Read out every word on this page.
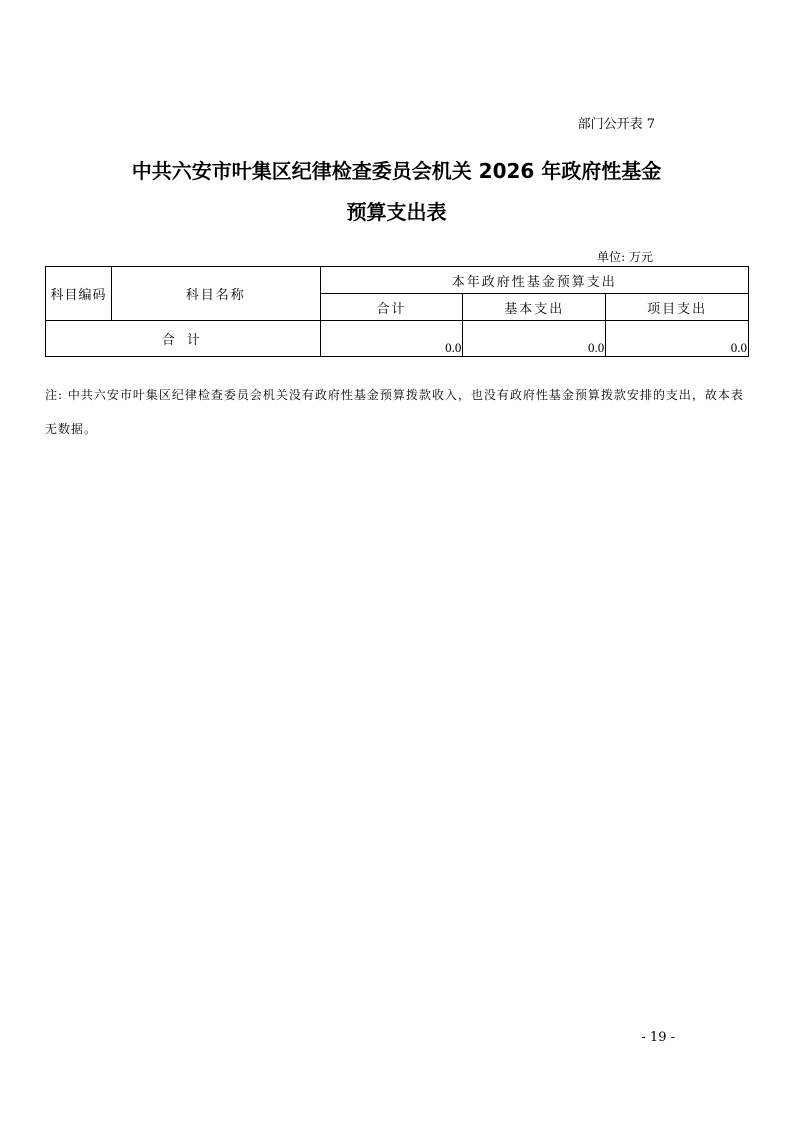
部门公开表 7
中共六安市叶集区纪律检查委员会机关 2026 年政府性基金
预算支出表
单位: 万元
科目编码	科目名称	本年政府性基金预算支出		
		合计	基本支出	项目支出
合 计		0.0	0.0	0.0
注: 中共六安市叶集区纪律检查委员会机关没有政府性基金预算拨款收入，也没有政府性基金预算拨款安排的支出，故本表无数据。
- 19 -
